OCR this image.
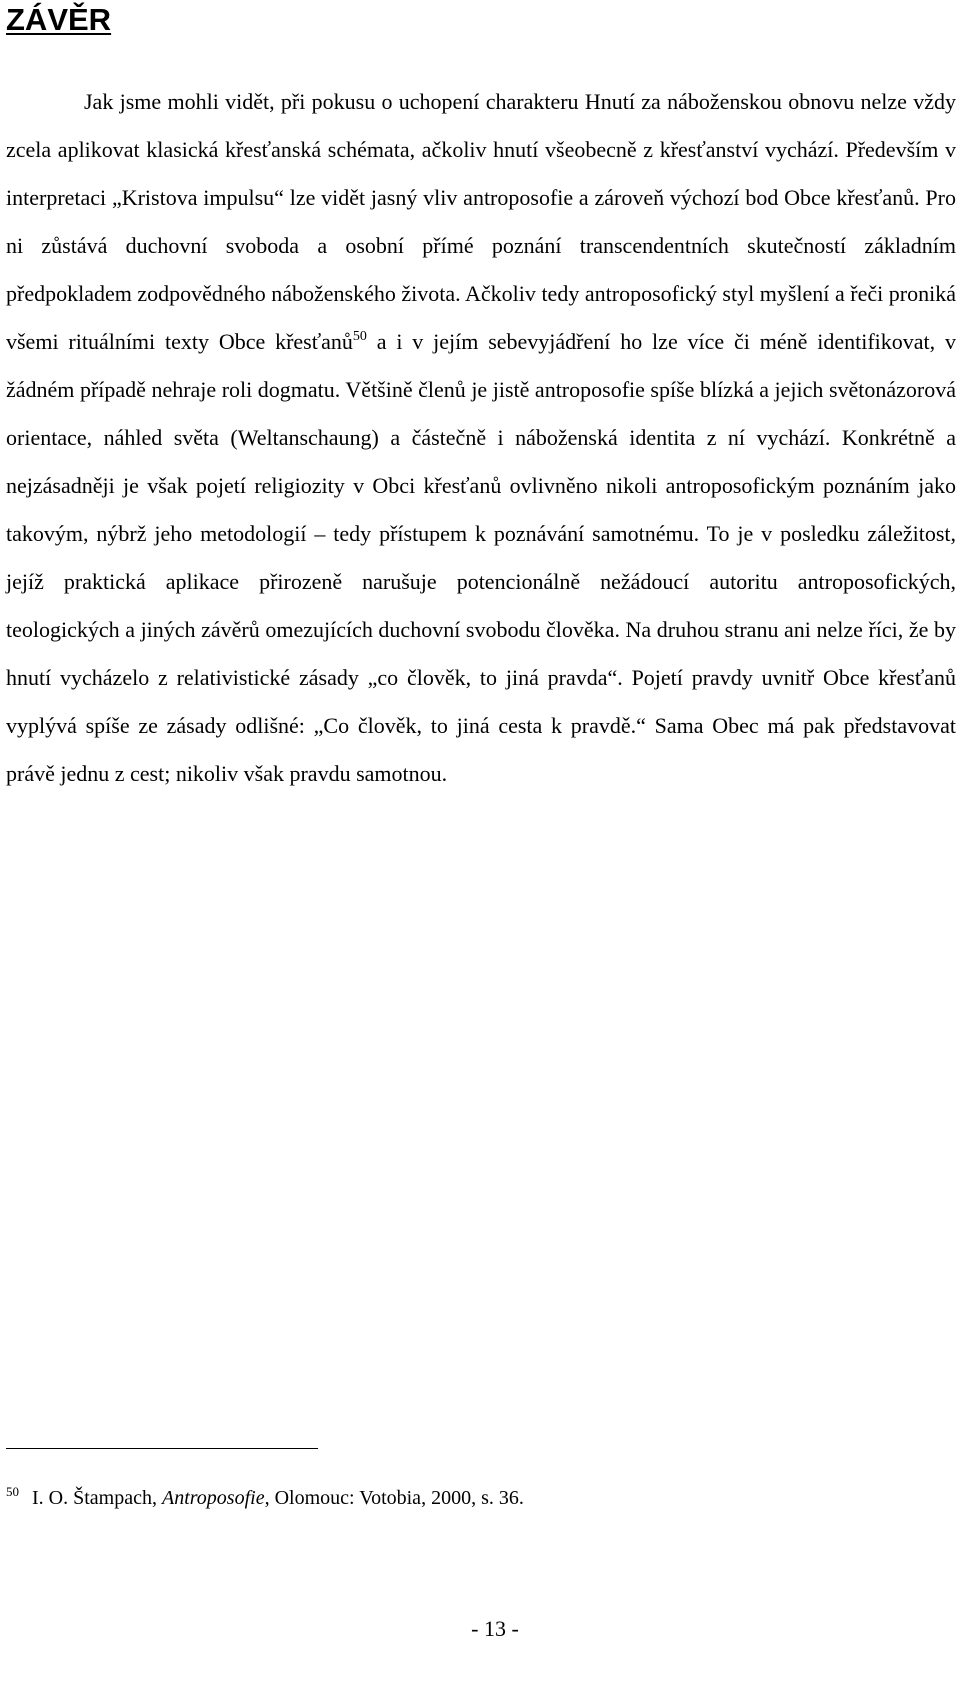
ZÁVĚR

Jak jsme mohli vidět, při pokusu o uchopení charakteru Hnutí za náboženskou obnovu nelze vždy zcela aplikovat klasická křesťanská schémata, ačkoliv hnutí všeobecně z křesťanství vychází. Především v interpretaci „Kristova impulsu“ lze vidět jasný vliv antroposofie a zároveň výchozí bod Obce křesťanů. Pro ni zůstává duchovní svoboda a osobní přímé poznání transcendentních skutečností základním předpokladem zodpovědného náboženského života. Ačkoliv tedy antroposofický styl myšlení a řeči proniká všemi rituálními texty Obce křesťanů$^{50}$ a i v jejím sebevyjádření ho lze více či méně identifikovat, v žádném případě nehraje roli dogmatu. Většině členů je jistě antroposofie spíše blízká a jejich světonázorová orientace, náhled světa (Weltanschaung) a částečně i náboženská identita z ní vychází. Konkrétně a nejzásadněji je však pojetí religiozity v Obci křesťanů ovlivněno nikoli antroposofickým poznáním jako takovým, nýbrž jeho metodologií – tedy přístupem k poznávání samotnému. To je v posledku záležitost, jejíž praktická aplikace přirozeně narušuje potencionálně nežádoucí autoritu antroposofických, teologických a jiných závěrů omezujících duchovní svobodu člověka. Na druhou stranu ani nelze říci, že by hnutí vycházelo z relativistické zásady „co člověk, to jiná pravda“. Pojetí pravdy uvnitř Obce křesťanů vyplývá spíše ze zásady odlišné: „Co člověk, to jiná cesta k pravdě.“ Sama Obec má pak představovat právě jednu z cest; nikoliv však pravdu samotnou.

$^{50}$ I. O. Štampach, Antroposofie, Olomouc: Votobia, 2000, s. 36.

- 13 -
